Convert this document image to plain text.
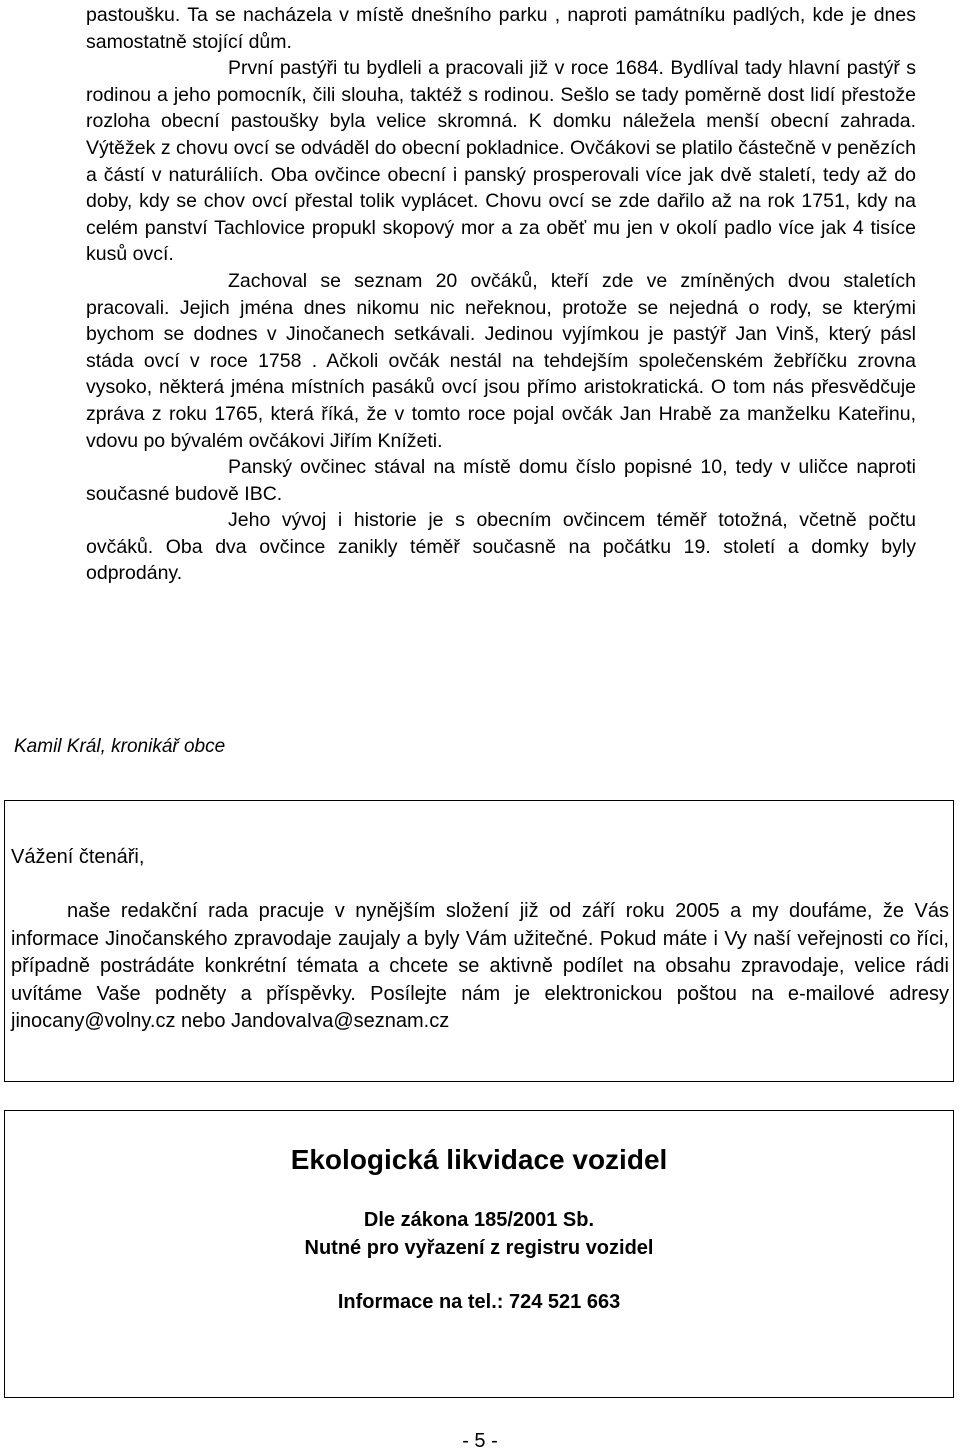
pastoušku. Ta se nacházela v místě dnešního parku , naproti památníku padlých, kde je dnes samostatně stojící dům.

První pastýři tu bydleli a pracovali již v roce 1684. Bydlíval tady hlavní pastýř s rodinou a jeho pomocník, čili slouha, taktéž s rodinou. Sešlo se tady poměrně dost lidí přestože rozloha obecní pastoušky byla velice skromná. K domku náležela menší obecní zahrada. Výtěžek z chovu ovcí se odváděl do obecní pokladnice. Ovčákovi se platilo částečně v penězích a částí v naturáliích. Oba ovčince obecní i panský prosperovali více jak dvě staletí, tedy až do doby, kdy se chov ovcí přestal tolik vyplácet. Chovu ovcí se zde dařilo až na rok 1751, kdy na celém panství Tachlovice propukl skopový mor a za oběť mu jen v okolí padlo více jak 4 tisíce kusů ovcí.

Zachoval se seznam 20 ovčáků, kteří zde ve zmíněných dvou staletích pracovali. Jejich jména dnes nikomu nic neřeknou, protože se nejedná o rody, se kterými bychom se dodnes v Jinočanech setkávali. Jedinou vyjímkou je pastýř Jan Vinš, který pásl stáda ovcí v roce 1758 . Ačkoli ovčák nestál na tehdejším společenském žebříčku zrovna vysoko, některá jména místních pasáků ovcí jsou přímo aristokratická. O tom nás přesvědčuje zpráva z roku 1765, která říká, že v tomto roce pojal ovčák Jan Hrabě za manželku Kateřinu, vdovu po bývalém ovčákovi Jiřím Knížeti.

Panský ovčinec stával na místě domu číslo popisné 10, tedy v uličce naproti současné budově IBC.

Jeho vývoj i historie je s obecním ovčincem téměř totožná, včetně počtu ovčáků. Oba dva ovčince zanikly téměř současně na počátku 19. století a domky byly odprodány.

Kamil Král, kronikář obce
Vážení čtenáři,

naše redakční rada pracuje v nynějším složení již od září roku 2005 a my doufáme, že Vás informace Jinočanského zpravodaje zaujaly a byly Vám užitečné. Pokud máte i Vy naší veřejnosti co říci, případně postrádáte konkrétní témata a chcete se aktivně podílet na obsahu zpravodaje, velice rádi uvítáme Vaše podněty a příspěvky. Posílejte nám je elektronickou poštou na e-mailové adresy jinocany@volny.cz nebo JandovaIva@seznam.cz

Ekologická likvidace vozidel
Dle zákona 185/2001 Sb.
Nutné pro vyřazení z registru vozidel
Informace na tel.: 724 521 663
- 5 -
